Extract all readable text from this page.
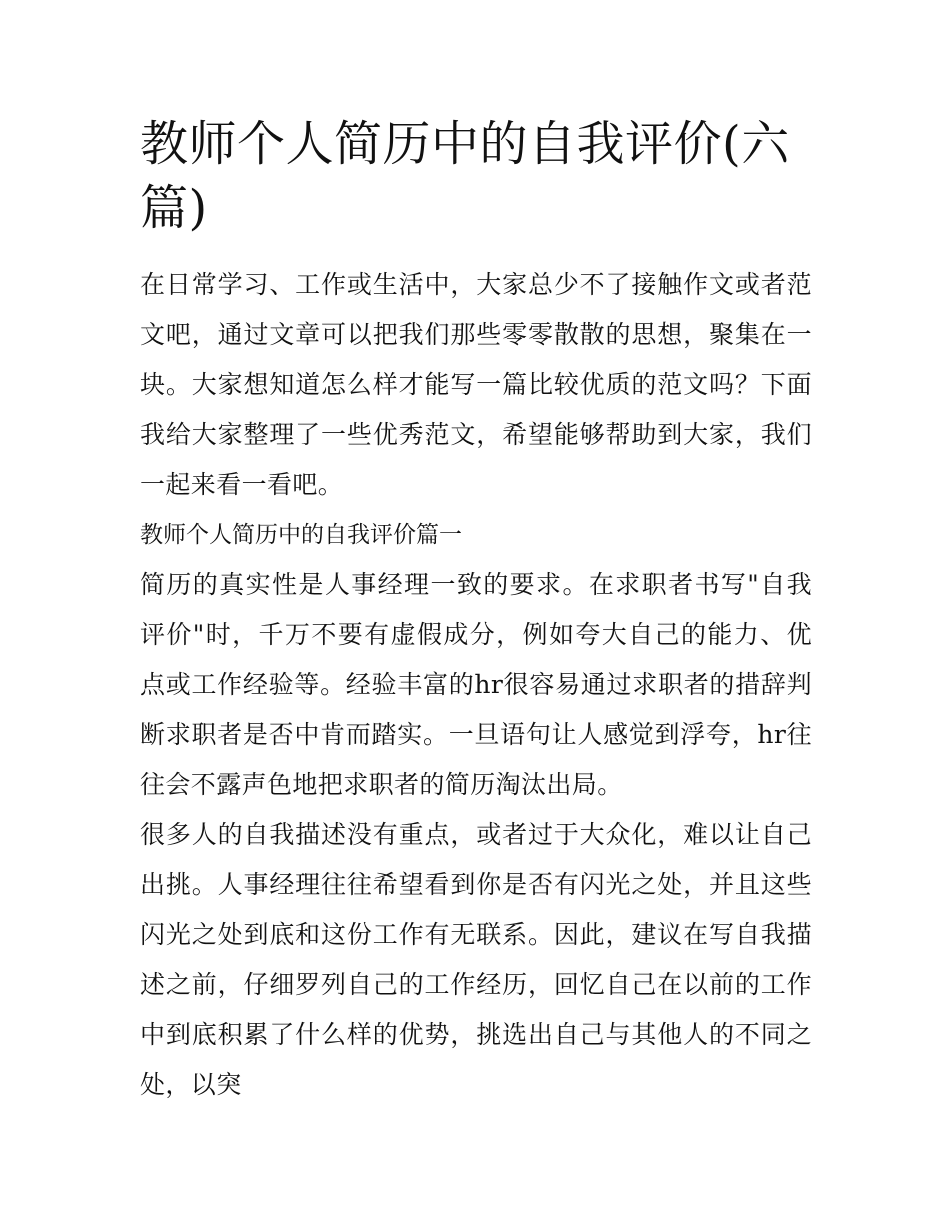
教师个人简历中的自我评价(六篇)

在日常学习、工作或生活中，大家总少不了接触作文或者范文吧，通过文章可以把我们那些零零散散的思想，聚集在一块。大家想知道怎么样才能写一篇比较优质的范文吗？下面我给大家整理了一些优秀范文，希望能够帮助到大家，我们一起来看一看吧。

教师个人简历中的自我评价篇一

简历的真实性是人事经理一致的要求。在求职者书写"自我评价"时，千万不要有虚假成分，例如夸大自己的能力、优点或工作经验等。经验丰富的hr很容易通过求职者的措辞判断求职者是否中肯而踏实。一旦语句让人感觉到浮夸，hr往往会不露声色地把求职者的简历淘汰出局。

很多人的自我描述没有重点，或者过于大众化，难以让自己出挑。人事经理往往希望看到你是否有闪光之处，并且这些闪光之处到底和这份工作有无联系。因此，建议在写自我描述之前，仔细罗列自己的工作经历，回忆自己在以前的工作中到底积累了什么样的优势，挑选出自己与其他人的不同之处，以突
